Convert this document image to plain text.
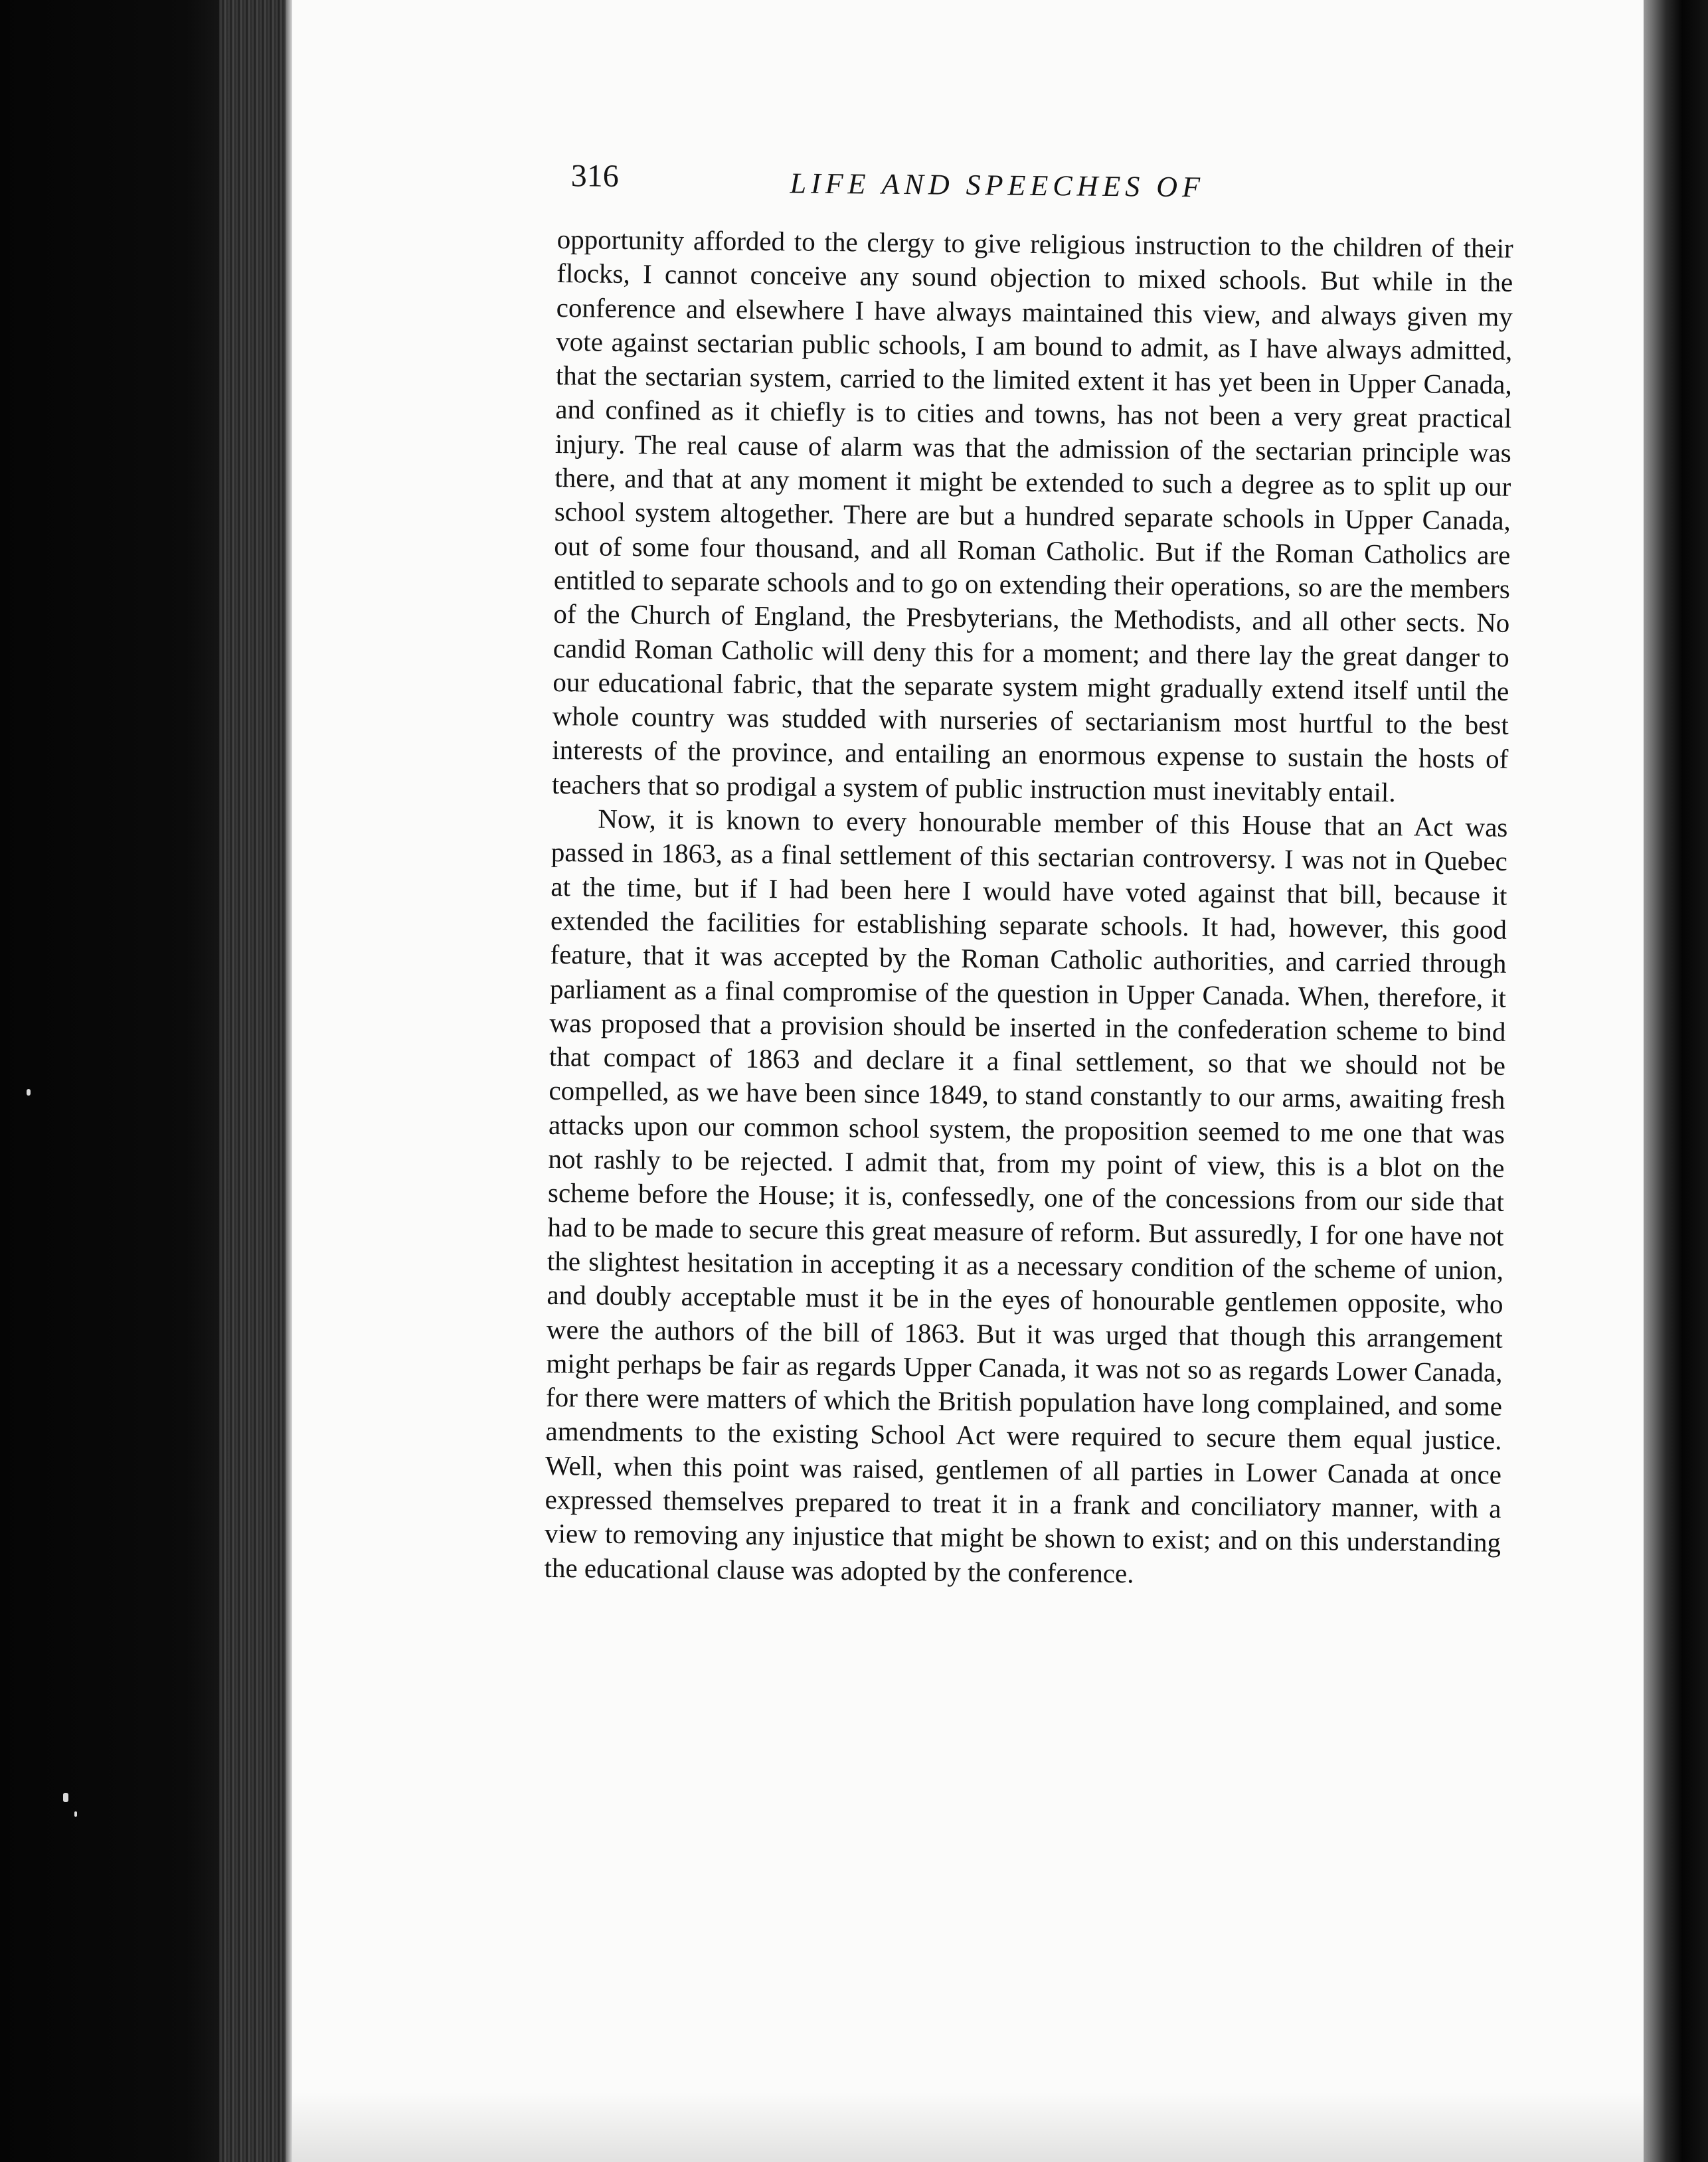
316	LIFE AND SPEECHES OF

opportunity afforded to the clergy to give religious instruction to the children of their flocks, I cannot conceive any sound objection to mixed schools. But while in the conference and elsewhere I have always maintained this view, and always given my vote against sectarian public schools, I am bound to admit, as I have always admitted, that the sectarian system, carried to the limited extent it has yet been in Upper Canada, and confined as it chiefly is to cities and towns, has not been a very great practical injury. The real cause of alarm was that the admission of the sectarian principle was there, and that at any moment it might be extended to such a degree as to split up our school system altogether. There are but a hundred separate schools in Upper Canada, out of some four thousand, and all Roman Catholic. But if the Roman Catholics are entitled to separate schools and to go on extending their operations, so are the members of the Church of England, the Presbyterians, the Methodists, and all other sects. No candid Roman Catholic will deny this for a moment; and there lay the great danger to our educational fabric, that the separate system might gradually extend itself until the whole country was studded with nurseries of sectarianism most hurtful to the best interests of the province, and entailing an enormous expense to sustain the hosts of teachers that so prodigal a system of public instruction must inevitably entail.

Now, it is known to every honourable member of this House that an Act was passed in 1863, as a final settlement of this sectarian controversy. I was not in Quebec at the time, but if I had been here I would have voted against that bill, because it extended the facilities for establishing separate schools. It had, however, this good feature, that it was accepted by the Roman Catholic authorities, and carried through parliament as a final compromise of the question in Upper Canada. When, therefore, it was proposed that a provision should be inserted in the confederation scheme to bind that compact of 1863 and declare it a final settlement, so that we should not be compelled, as we have been since 1849, to stand constantly to our arms, awaiting fresh attacks upon our common school system, the proposition seemed to me one that was not rashly to be rejected. I admit that, from my point of view, this is a blot on the scheme before the House; it is, confessedly, one of the concessions from our side that had to be made to secure this great measure of reform. But assuredly, I for one have not the slightest hesitation in accepting it as a necessary condition of the scheme of union, and doubly acceptable must it be in the eyes of honourable gentlemen opposite, who were the authors of the bill of 1863. But it was urged that though this arrangement might perhaps be fair as regards Upper Canada, it was not so as regards Lower Canada, for there were matters of which the British population have long complained, and some amendments to the existing School Act were required to secure them equal justice. Well, when this point was raised, gentlemen of all parties in Lower Canada at once expressed themselves prepared to treat it in a frank and conciliatory manner, with a view to removing any injustice that might be shown to exist; and on this understanding the educational clause was adopted by the conference.
